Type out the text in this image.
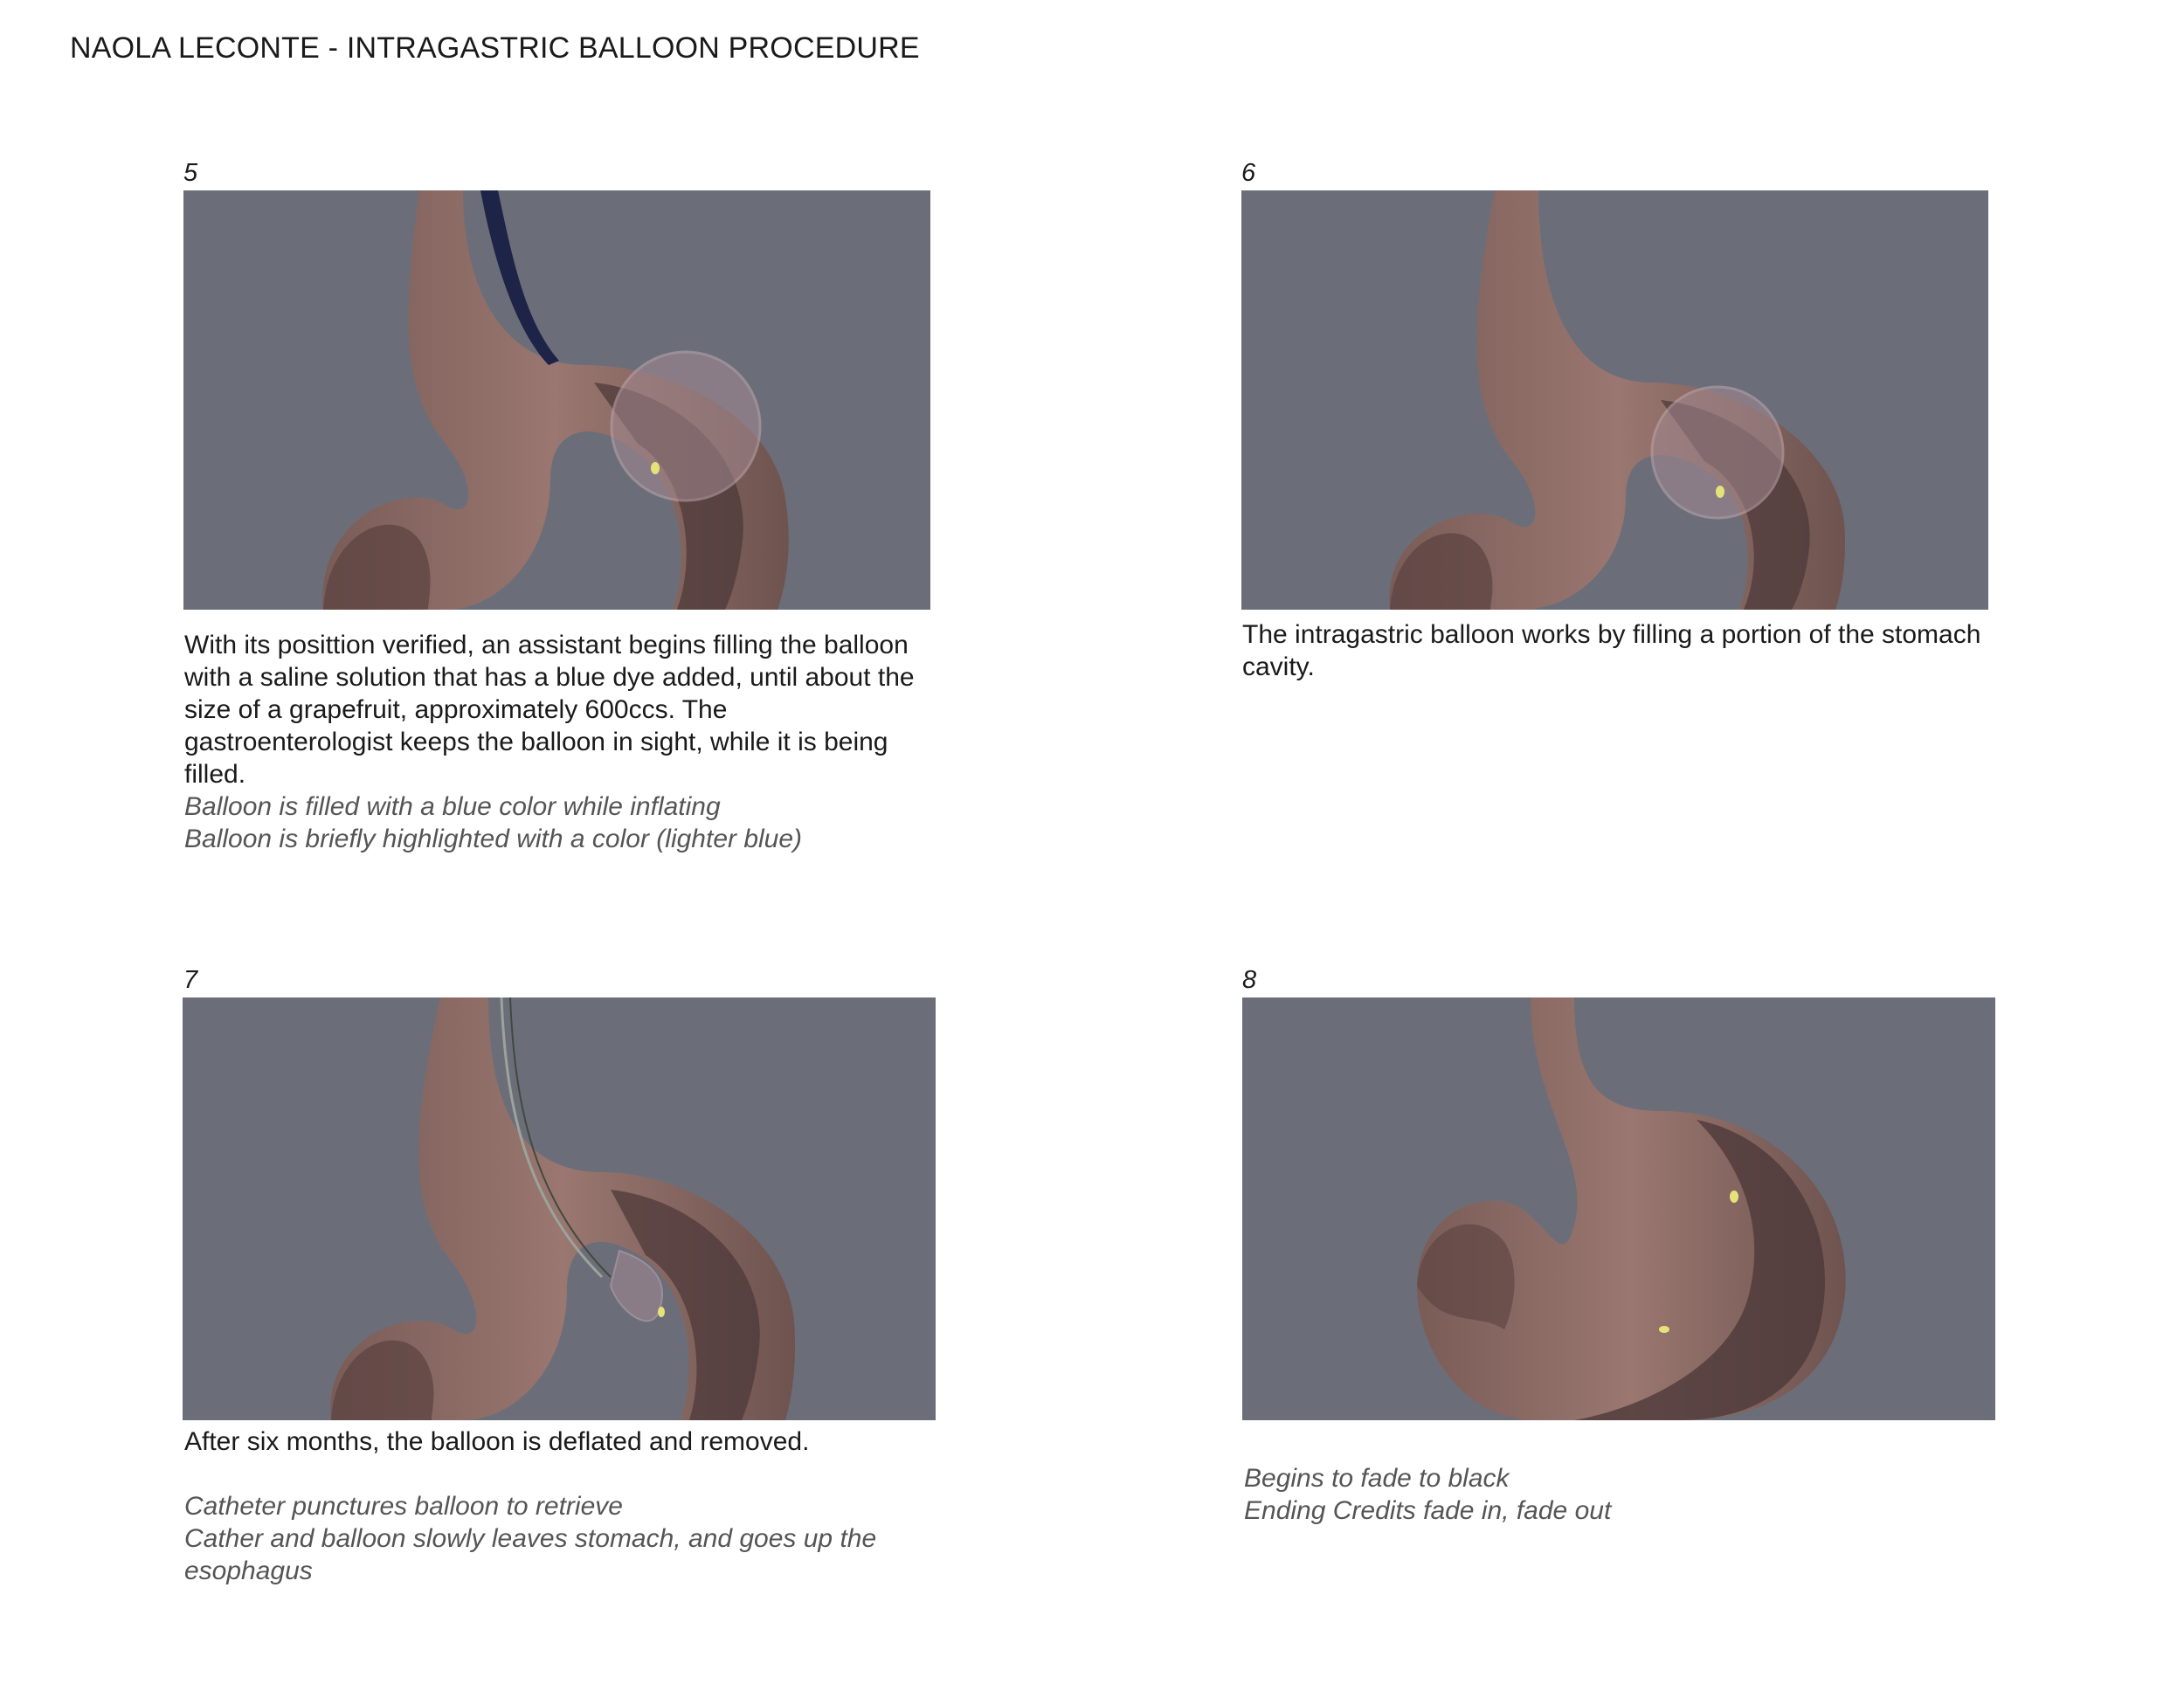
NAOLA LECONTE - INTRAGASTRIC BALLOON PROCEDURE
5

With its posittion verified, an assistant begins filling the balloon with a saline solution that has a blue dye added, until about the size of a grapefruit, approximately 600ccs. The gastroenterologist keeps the balloon in sight, while it is being filled.

Balloon is filled with a blue color while inflating

Balloon is briefly highlighted with a color (lighter blue)

6

The intragastric balloon works by filling a portion of the stomach cavity.

7

After six months, the balloon is deflated and removed.

Catheter punctures balloon to retrieve

Cather and balloon slowly leaves stomach, and goes up the esophagus

8

Begins to fade to black

Ending Credits fade in, fade out
